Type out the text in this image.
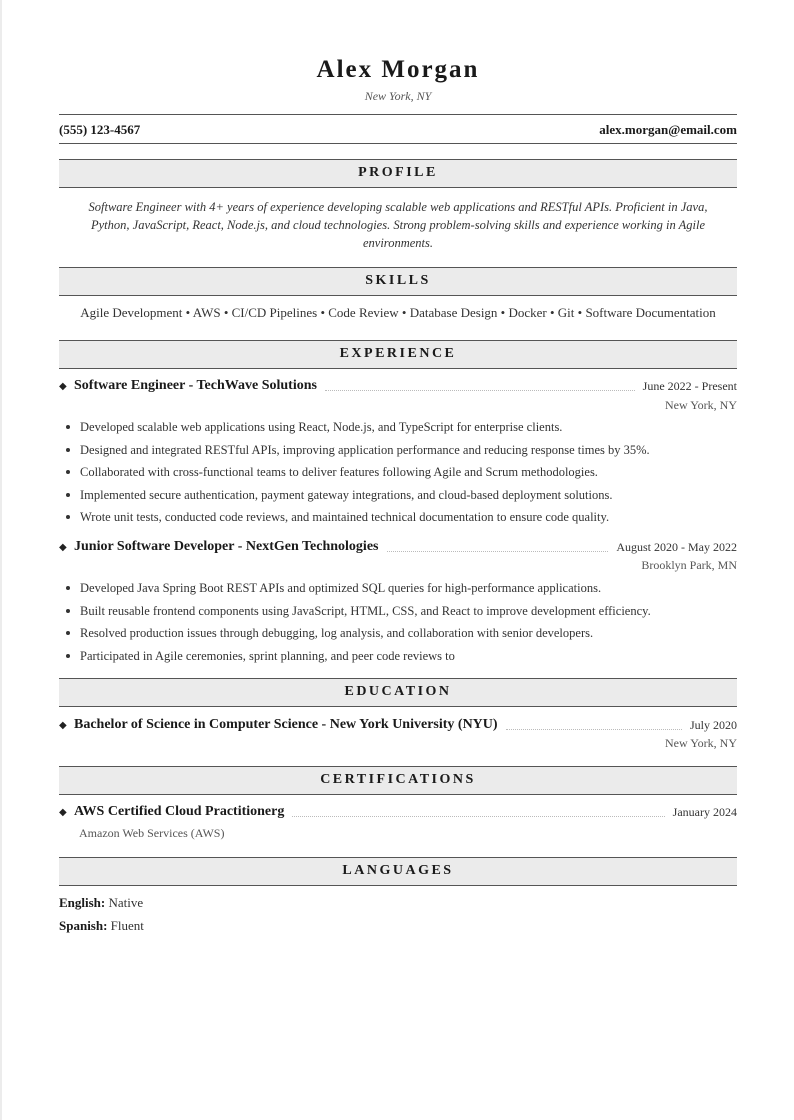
Alex Morgan
New York, NY
(555) 123-4567	alex.morgan@email.com
PROFILE
Software Engineer with 4+ years of experience developing scalable web applications and RESTful APIs. Proficient in Java, Python, JavaScript, React, Node.js, and cloud technologies. Strong problem-solving skills and experience working in Agile environments.
SKILLS
Agile Development • AWS • CI/CD Pipelines • Code Review • Database Design • Docker • Git • Software Documentation
EXPERIENCE
◆ Software Engineer - TechWave Solutions	June 2022 - Present
New York, NY
Developed scalable web applications using React, Node.js, and TypeScript for enterprise clients.
Designed and integrated RESTful APIs, improving application performance and reducing response times by 35%.
Collaborated with cross-functional teams to deliver features following Agile and Scrum methodologies.
Implemented secure authentication, payment gateway integrations, and cloud-based deployment solutions.
Wrote unit tests, conducted code reviews, and maintained technical documentation to ensure code quality.
◆ Junior Software Developer - NextGen Technologies	August 2020 - May 2022
Brooklyn Park, MN
Developed Java Spring Boot REST APIs and optimized SQL queries for high-performance applications.
Built reusable frontend components using JavaScript, HTML, CSS, and React to improve development efficiency.
Resolved production issues through debugging, log analysis, and collaboration with senior developers.
Participated in Agile ceremonies, sprint planning, and peer code reviews to
EDUCATION
◆ Bachelor of Science in Computer Science - New York University (NYU)	July 2020
New York, NY
CERTIFICATIONS
◆ AWS Certified Cloud Practitionerg	January 2024
Amazon Web Services (AWS)
LANGUAGES
English: Native
Spanish: Fluent
